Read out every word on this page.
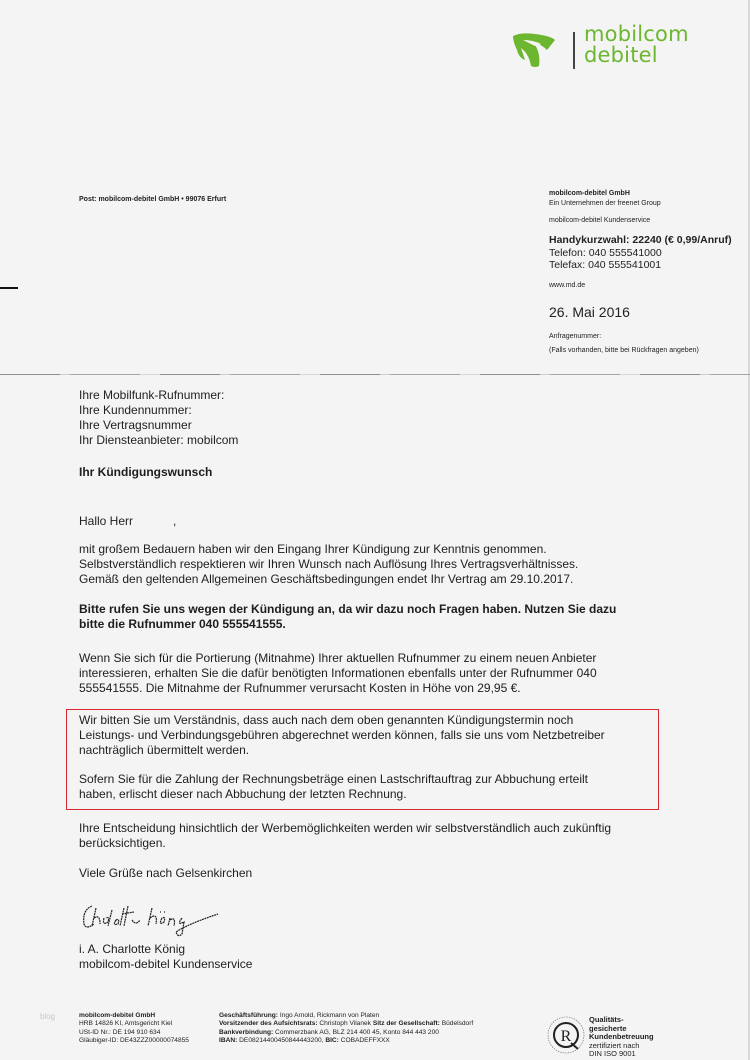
mobilcom
debitel
Post: mobilcom-debitel GmbH • 99076 Erfurt
mobilcom-debitel GmbH
Ein Unternehmen der freenet Group
mobilcom-debitel Kundenservice
Handykurzwahl: 22240 (€ 0,99/Anruf)
Telefon: 040 555541000
Telefax: 040 555541001
www.md.de
26. Mai 2016
Anfragenummer:
(Falls vorhanden, bitte bei Rückfragen angeben)
Ihre Mobilfunk-Rufnummer:
Ihre Kundennummer:
Ihre Vertragsnummer
Ihr Diensteanbieter: mobilcom
Ihr Kündigungswunsch
Hallo Herr            ,
mit großem Bedauern haben wir den Eingang Ihrer Kündigung zur Kenntnis genommen.
Selbstverständlich respektieren wir Ihren Wunsch nach Auflösung Ihres Vertragsverhältnisses.
Gemäß den geltenden Allgemeinen Geschäftsbedingungen endet Ihr Vertrag am 29.10.2017.
Bitte rufen Sie uns wegen der Kündigung an, da wir dazu noch Fragen haben. Nutzen Sie dazu
bitte die Rufnummer 040 555541555.
Wenn Sie sich für die Portierung (Mitnahme) Ihrer aktuellen Rufnummer zu einem neuen Anbieter
interessieren, erhalten Sie die dafür benötigten Informationen ebenfalls unter der Rufnummer 040
555541555. Die Mitnahme der Rufnummer verursacht Kosten in Höhe von 29,95 €.
Wir bitten Sie um Verständnis, dass auch nach dem oben genannten Kündigungstermin noch
Leistungs- und Verbindungsgebühren abgerechnet werden können, falls sie uns vom Netzbetreiber
nachträglich übermittelt werden.
Sofern Sie für die Zahlung der Rechnungsbeträge einen Lastschriftauftrag zur Abbuchung erteilt
haben, erlischt dieser nach Abbuchung der letzten Rechnung.
Ihre Entscheidung hinsichtlich der Werbemöglichkeiten werden wir selbstverständlich auch zukünftig
berücksichtigen.
Viele Grüße nach Gelsenkirchen
i. A. Charlotte König
mobilcom-debitel Kundenservice
blog	mobilcom-debitel GmbH
HRB 14826 KI, Amtsgericht Kiel
USt-ID Nr.: DE 194 910 634
Gläubiger-ID: DE43ZZZ00000074855
Geschäftsführung: Ingo Arnold, Rickmann von Platen
Vorsitzender des Aufsichtsrats: Christoph Vilanek Sitz der Gesellschaft: Büdelsdorf
Bankverbindung: Commerzbank AG, BLZ 214 400 45, Konto 844 443 200
IBAN: DE08214400450844443200, BIC: COBADEFFXXX	R
Qualitäts-
gesicherte
Kundenbetreuung
zertifiziert nach
DIN ISO 9001
